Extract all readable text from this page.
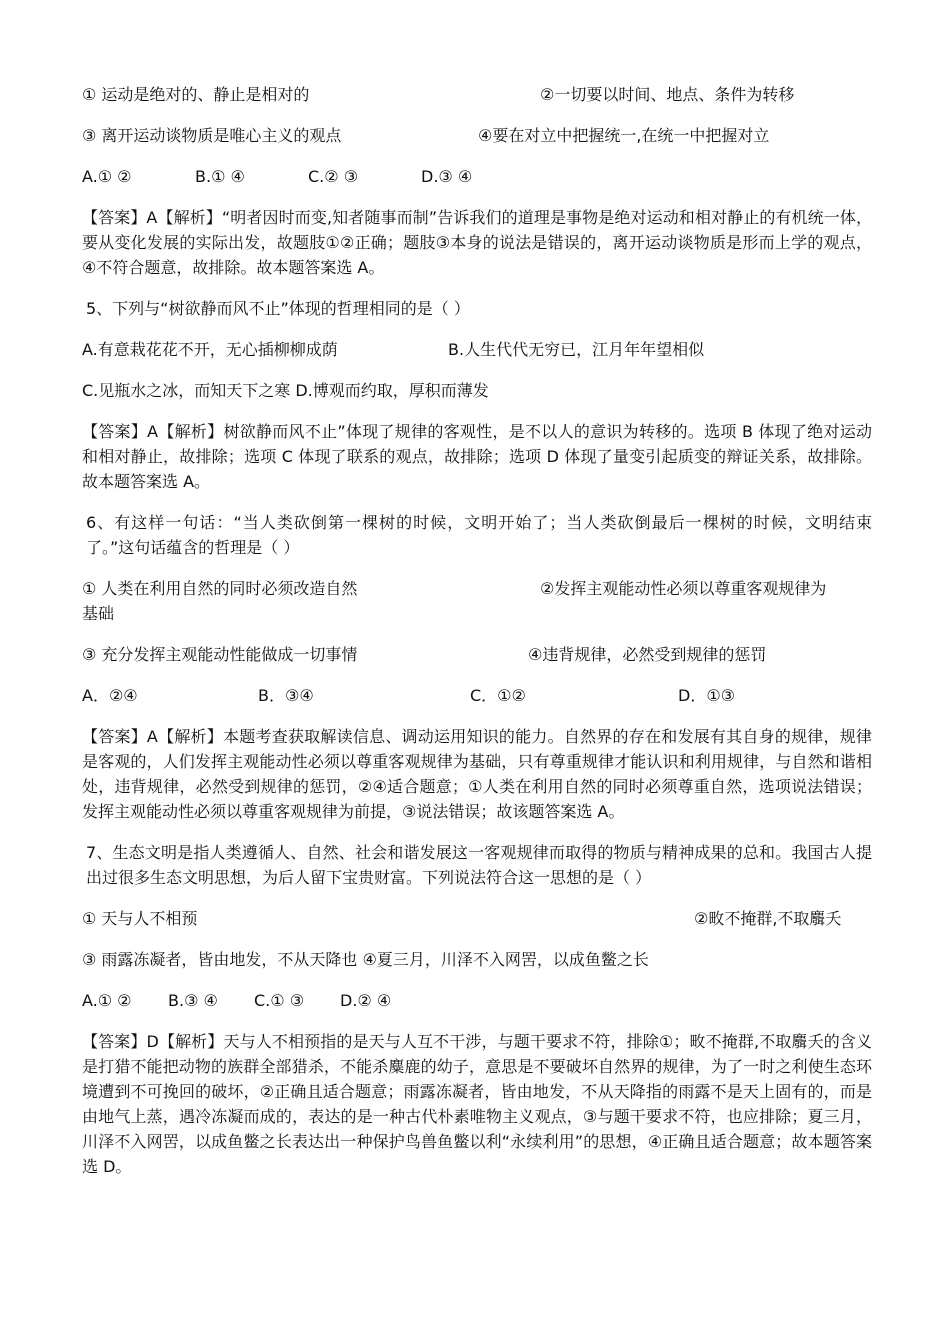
① 运动是绝对的、静止是相对的	②一切要以时间、地点、条件为转移
③ 离开运动谈物质是唯心主义的观点	④要在对立中把握统一,在统一中把握对立
A.① ②	B.① ④	C.② ③	D.③ ④

【答案】A【解析】“明者因时而变,知者随事而制”告诉我们的道理是事物是绝对运动和相对静止的有机统一体，要从变化发展的实际出发，故题肢①②正确；题肢③本身的说法是错误的，离开运动谈物质是形而上学的观点，④不符合题意，故排除。故本题答案选 A。

5、下列与“树欲静而风不止”体现的哲理相同的是（ ）

A.有意栽花花不开，无心插柳柳成荫	B.人生代代无穷已，江月年年望相似

C.见瓶水之冰，而知天下之寒 D.博观而约取，厚积而薄发

【答案】A【解析】树欲静而风不止”体现了规律的客观性，是不以人的意识为转移的。选项 B 体现了绝对运动和相对静止，故排除；选项 C 体现了联系的观点，故排除；选项 D 体现了量变引起质变的辩证关系，故排除。故本题答案选 A。

6、有这样一句话：“当人类砍倒第一棵树的时候，文明开始了；当人类砍倒最后一棵树的时候，文明结束了。”这句话蕴含的哲理是（ ）

① 人类在利用自然的同时必须改造自然	②发挥主观能动性必须以尊重客观规律为
基础
③ 充分发挥主观能动性能做成一切事情	④违背规律，必然受到规律的惩罚
A．②④	B．③④	C．①②	D．①③

【答案】A【解析】本题考查获取解读信息、调动运用知识的能力。自然界的存在和发展有其自身的规律，规律是客观的，人们发挥主观能动性必须以尊重客观规律为基础，只有尊重规律才能认识和利用规律，与自然和谐相处，违背规律，必然受到规律的惩罚，②④适合题意；①人类在利用自然的同时必须尊重自然，选项说法错误；发挥主观能动性必须以尊重客观规律为前提，③说法错误；故该题答案选 A。

7、生态文明是指人类遵循人、自然、社会和谐发展这一客观规律而取得的物质与精神成果的总和。我国古人提出过很多生态文明思想，为后人留下宝贵财富。下列说法符合这一思想的是（ ）

① 天与人不相预	②畋不掩群,不取麛夭

③ 雨露冻凝者，皆由地发，不从天降也 ④夏三月，川泽不入网罟，以成鱼鳖之长

A.① ②	B.③ ④	C.① ③	D.② ④

【答案】D【解析】天与人不相预指的是天与人互不干涉，与题干要求不符，排除①；畋不掩群,不取麛夭的含义是打猎不能把动物的族群全部猎杀，不能杀麋鹿的幼子，意思是不要破坏自然界的规律，为了一时之利使生态环境遭到不可挽回的破坏，②正确且适合题意；雨露冻凝者，皆由地发，不从天降指的雨露不是天上固有的，而是由地气上蒸，遇冷冻凝而成的，表达的是一种古代朴素唯物主义观点，③与题干要求不符，也应排除；夏三月，川泽不入网罟，以成鱼鳖之长表达出一种保护鸟兽鱼鳖以利“永续利用”的思想，④正确且适合题意；故本题答案选 D。
